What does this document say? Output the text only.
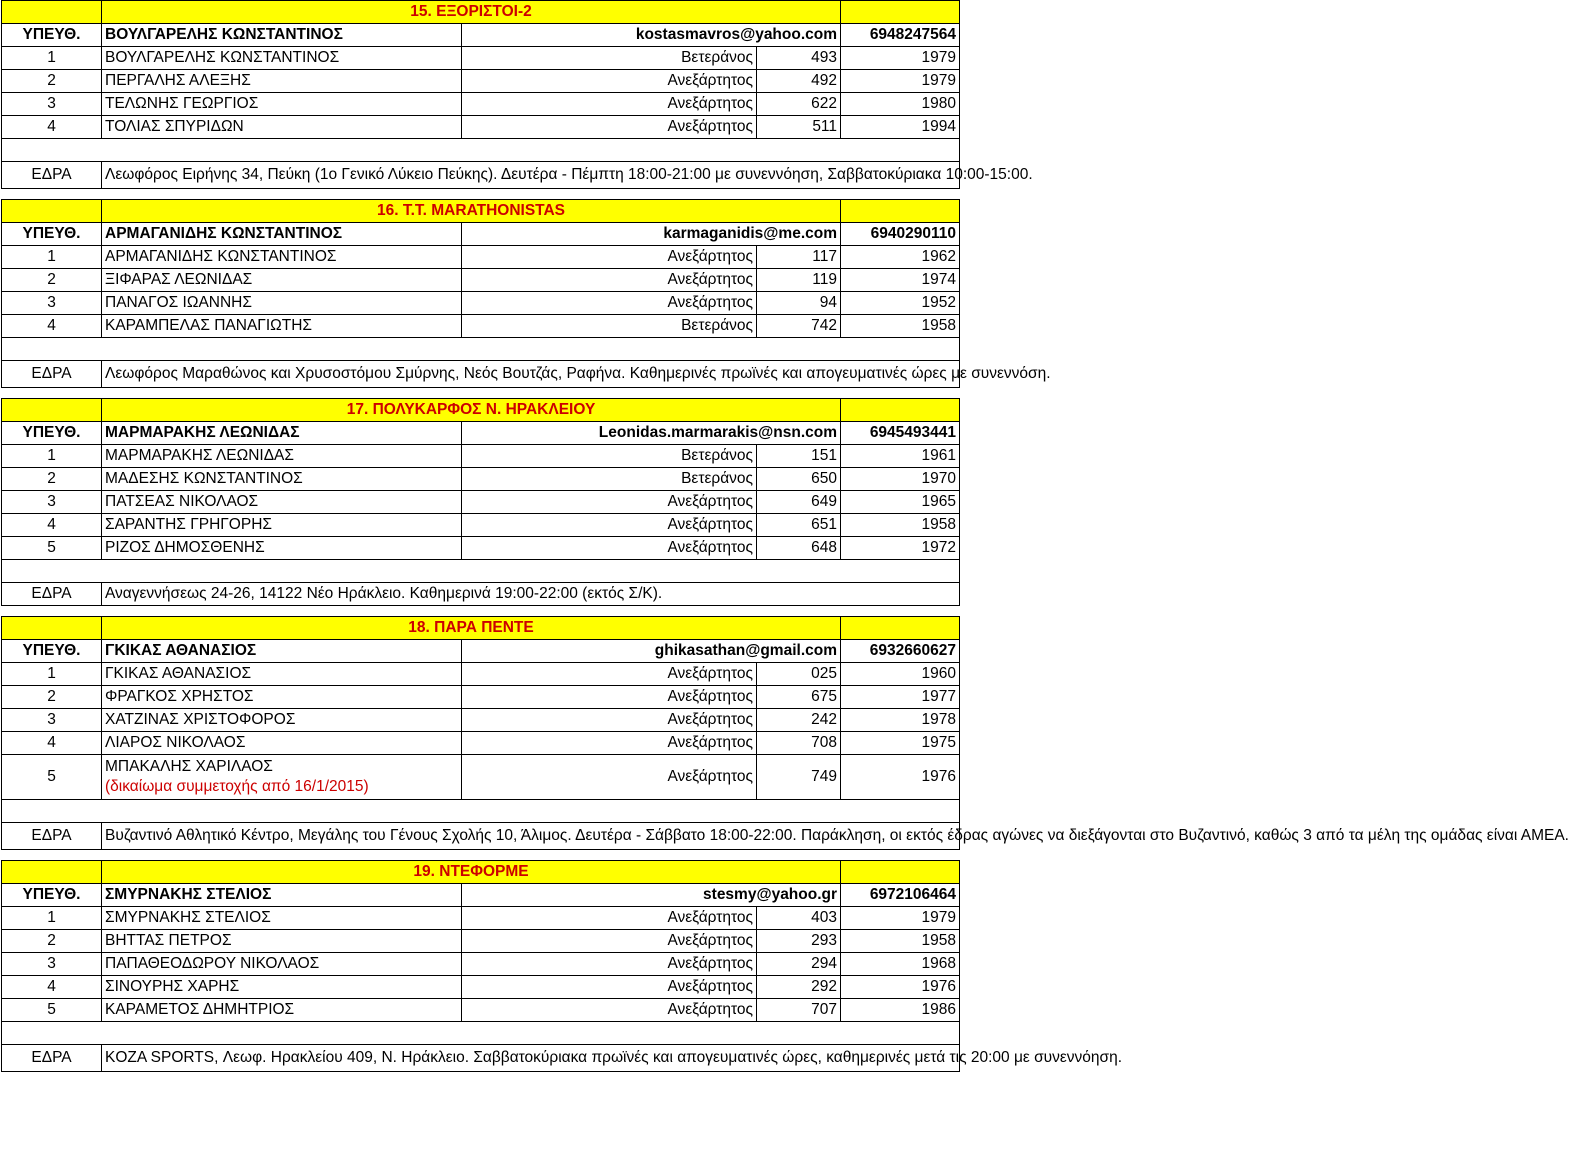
	15. ΕΞΟΡΙΣΤΟΙ-2			
ΥΠΕΥΘ.	ΒΟΥΛΓΑΡΕΛΗΣ ΚΩΝΣΤΑΝΤΙΝΟΣ	kostasmavros@yahoo.com		6948247564
1	ΒΟΥΛΓΑΡΕΛΗΣ ΚΩΝΣΤΑΝΤΙΝΟΣ	Βετεράνος	493	1979
2	ΠΕΡΓΑΛΗΣ ΑΛΕΞΗΣ	Ανεξάρτητος	492	1979
3	ΤΕΛΩΝΗΣ ΓΕΩΡΓΙΟΣ	Ανεξάρτητος	622	1980
4	ΤΟΛΙΑΣ ΣΠΥΡΙΔΩΝ	Ανεξάρτητος	511	1994

ΕΔΡΑ	Λεωφόρος Ειρήνης 34, Πεύκη (1ο Γενικό Λύκειο Πεύκης). Δευτέρα - Πέμπτη 18:00-21:00 με συνεννόηση, Σαββατοκύριακα 10:00-15:00.			
	16. Τ.Τ. MARATHONISTAS			
ΥΠΕΥΘ.	ΑΡΜΑΓΑΝΙΔΗΣ ΚΩΝΣΤΑΝΤΙΝΟΣ	karmaganidis@me.com		6940290110
1	ΑΡΜΑΓΑΝΙΔΗΣ ΚΩΝΣΤΑΝΤΙΝΟΣ	Ανεξάρτητος	117	1962
2	ΞΙΦΑΡΑΣ ΛΕΩΝΙΔΑΣ	Ανεξάρτητος	119	1974
3	ΠΑΝΑΓΟΣ ΙΩΑΝΝΗΣ	Ανεξάρτητος	94	1952
4	ΚΑΡΑΜΠΕΛΑΣ ΠΑΝΑΓΙΩΤΗΣ	Βετεράνος	742	1958

ΕΔΡΑ	Λεωφόρος Μαραθώνος και Χρυσοστόμου Σμύρνης, Νεός Βουτζάς, Ραφήνα. Καθημερινές πρωϊνές και απογευματινές ώρες με συνεννόση.			
	17. ΠΟΛΥΚΑΡΦΟΣ Ν. ΗΡΑΚΛΕΙΟΥ			
ΥΠΕΥΘ.	ΜΑΡΜΑΡΑΚΗΣ ΛΕΩΝΙΔΑΣ	Leonidas.marmarakis@nsn.com		6945493441
1	ΜΑΡΜΑΡΑΚΗΣ ΛΕΩΝΙΔΑΣ	Βετεράνος	151	1961
2	ΜΑΔΕΣΗΣ ΚΩΝΣΤΑΝΤΙΝΟΣ	Βετεράνος	650	1970
3	ΠΑΤΣΕΑΣ ΝΙΚΟΛΑΟΣ	Ανεξάρτητος	649	1965
4	ΣΑΡΑΝΤΗΣ ΓΡΗΓΟΡΗΣ	Ανεξάρτητος	651	1958
5	ΡΙΖΟΣ ΔΗΜΟΣΘΕΝΗΣ	Ανεξάρτητος	648	1972

ΕΔΡΑ	Αναγεννήσεως 24-26, 14122 Νέο Ηράκλειο. Καθημερινά 19:00-22:00 (εκτός Σ/Κ).			
	18. ΠΑΡΑ ΠΕΝΤΕ			
ΥΠΕΥΘ.	ΓΚΙΚΑΣ ΑΘΑΝΑΣΙΟΣ	ghikasathan@gmail.com		6932660627
1	ΓΚΙΚΑΣ ΑΘΑΝΑΣΙΟΣ	Ανεξάρτητος	025	1960
2	ΦΡΑΓΚΟΣ ΧΡΗΣΤΟΣ	Ανεξάρτητος	675	1977
3	ΧΑΤΖΙΝΑΣ ΧΡΙΣΤΟΦΟΡΟΣ	Ανεξάρτητος	242	1978
4	ΛΙΑΡΟΣ ΝΙΚΟΛΑΟΣ	Ανεξάρτητος	708	1975
5	ΜΠΑΚΑΛΗΣ ΧΑΡΙΛΑΟΣ
(δικαίωμα συμμετοχής από 16/1/2015)	Ανεξάρτητος	749	1976

ΕΔΡΑ	Βυζαντινό Αθλητικό Κέντρο, Μεγάλης του Γένους Σχολής 10, Άλιμος. Δευτέρα - Σάββατο 18:00-22:00. Παράκληση, οι εκτός έδρας αγώνες να διεξάγονται στο Βυζαντινό, καθώς 3 από τα μέλη της ομάδας είναι ΑΜΕΑ.			
	19. ΝΤΕΦΟΡΜΕ			
ΥΠΕΥΘ.	ΣΜΥΡΝΑΚΗΣ ΣΤΕΛΙΟΣ	stesmy@yahoo.gr		6972106464
1	ΣΜΥΡΝΑΚΗΣ ΣΤΕΛΙΟΣ	Ανεξάρτητος	403	1979
2	ΒΗΤΤΑΣ ΠΕΤΡΟΣ	Ανεξάρτητος	293	1958
3	ΠΑΠΑΘΕΟΔΩΡΟΥ ΝΙΚΟΛΑΟΣ	Ανεξάρτητος	294	1968
4	ΣΙΝΟΥΡΗΣ ΧΑΡΗΣ	Ανεξάρτητος	292	1976
5	ΚΑΡΑΜΕΤΟΣ ΔΗΜΗΤΡΙΟΣ	Ανεξάρτητος	707	1986

ΕΔΡΑ	KOZA SPORTS, Λεωφ. Ηρακλείου 409, Ν. Ηράκλειο. Σαββατοκύριακα πρωϊνές και απογευματινές ώρες, καθημερινές μετά τις 20:00 με συνεννόηση.			
